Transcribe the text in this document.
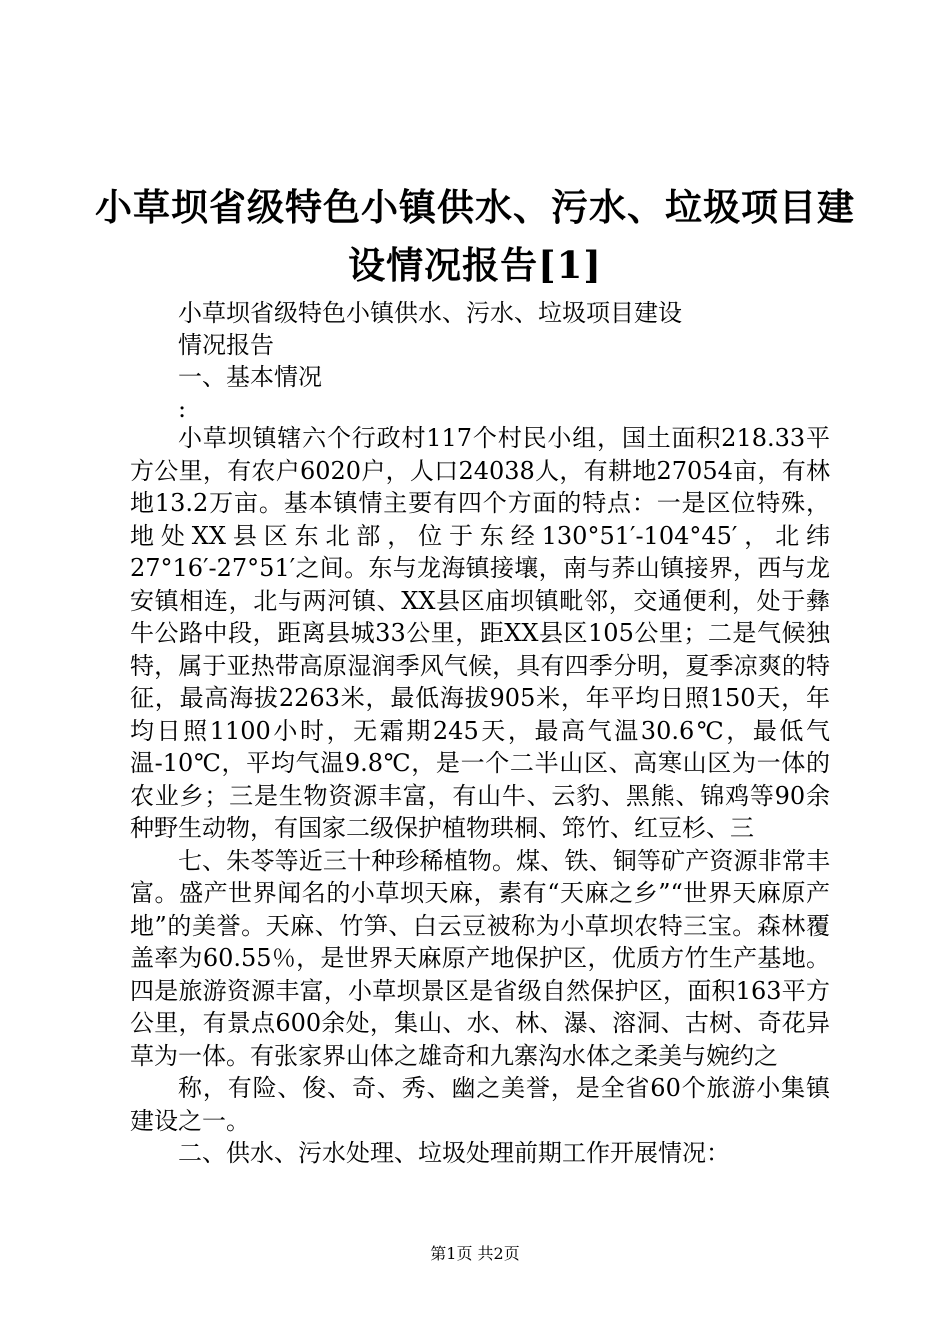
小草坝省级特色小镇供水、污水、垃圾项目建
设情况报告[1]
小草坝省级特色小镇供水、污水、垃圾项目建设
情况报告
一、基本情况
:

小草坝镇辖六个行政村117个村民小组，国土面积218.33平方公里，有农户6020户，人口24038人，有耕地27054亩，有林地13.2万亩。基本镇情主要有四个方面的特点：一是区位特殊，地处XX县区东北部，位于东经130°51′-104°45′，北纬27°16′-27°51′之间。东与龙海镇接壤，南与荞山镇接界，西与龙安镇相连，北与两河镇、XX县区庙坝镇毗邻，交通便利，处于彝牛公路中段，距离县城33公里，距XX县区105公里；二是气候独特，属于亚热带高原湿润季风气候，具有四季分明，夏季凉爽的特征，最高海拔2263米，最低海拔905米，年平均日照150天，年均日照1100小时，无霜期245天，最高气温30.6℃，最低气温-10℃，平均气温9.8℃，是一个二半山区、高寒山区为一体的农业乡；三是生物资源丰富，有山牛、云豹、黑熊、锦鸡等90余种野生动物，有国家二级保护植物珙桐、筇竹、红豆杉、三

七、朱苓等近三十种珍稀植物。煤、铁、铜等矿产资源非常丰富。盛产世界闻名的小草坝天麻，素有“天麻之乡”“世界天麻原产地”的美誉。天麻、竹笋、白云豆被称为小草坝农特三宝。森林覆盖率为60.55％，是世界天麻原产地保护区，优质方竹生产基地。四是旅游资源丰富，小草坝景区是省级自然保护区，面积163平方公里，有景点600余处，集山、水、林、瀑、溶洞、古树、奇花异草为一体。有张家界山体之雄奇和九寨沟水体之柔美与婉约之

称，有险、俊、奇、秀、幽之美誉，是全省60个旅游小集镇建设之一。

二、供水、污水处理、垃圾处理前期工作开展情况：

第1页 共2页
